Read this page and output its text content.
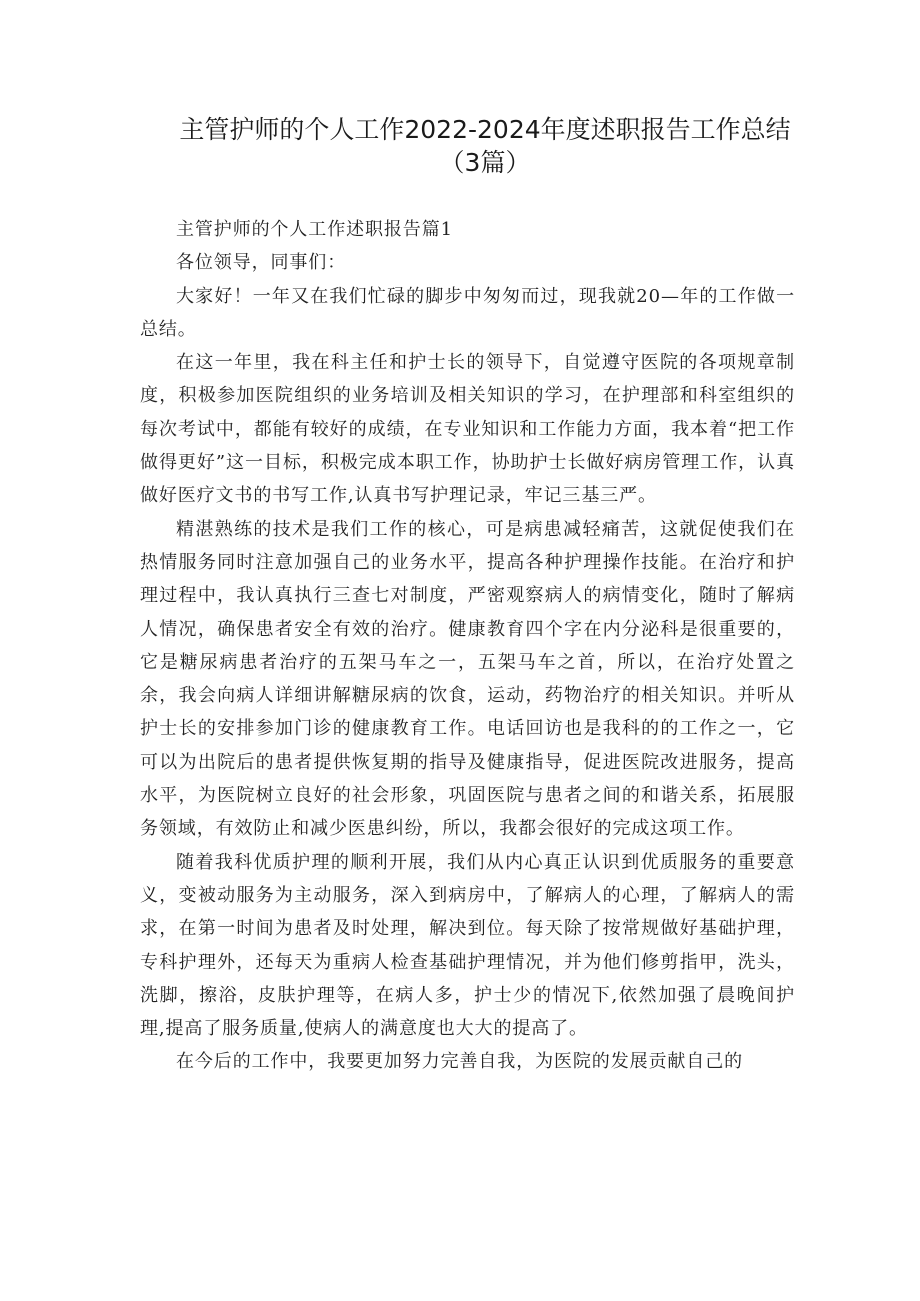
主管护师的个人工作2022-2024年度述职报告工作总结
（3篇）

主管护师的个人工作述职报告篇1

各位领导，同事们：

大家好！一年又在我们忙碌的脚步中匆匆而过，现我就20—年的工作做一总结。

在这一年里，我在科主任和护士长的领导下，自觉遵守医院的各项规章制度，积极参加医院组织的业务培训及相关知识的学习，在护理部和科室组织的每次考试中，都能有较好的成绩，在专业知识和工作能力方面，我本着“把工作做得更好”这一目标，积极完成本职工作，协助护士长做好病房管理工作，认真做好医疗文书的书写工作,认真书写护理记录，牢记三基三严。

精湛熟练的技术是我们工作的核心，可是病患减轻痛苦，这就促使我们在热情服务同时注意加强自己的业务水平，提高各种护理操作技能。在治疗和护理过程中，我认真执行三查七对制度，严密观察病人的病情变化，随时了解病人情况，确保患者安全有效的治疗。健康教育四个字在内分泌科是很重要的，它是糖尿病患者治疗的五架马车之一，五架马车之首，所以，在治疗处置之余，我会向病人详细讲解糖尿病的饮食，运动，药物治疗的相关知识。并听从护士长的安排参加门诊的健康教育工作。电话回访也是我科的的工作之一，它可以为出院后的患者提供恢复期的指导及健康指导，促进医院改进服务，提高水平，为医院树立良好的社会形象，巩固医院与患者之间的和谐关系，拓展服务领域，有效防止和减少医患纠纷，所以，我都会很好的完成这项工作。

随着我科优质护理的顺利开展，我们从内心真正认识到优质服务的重要意义，变被动服务为主动服务，深入到病房中，了解病人的心理，了解病人的需求，在第一时间为患者及时处理，解决到位。每天除了按常规做好基础护理，专科护理外，还每天为重病人检查基础护理情况，并为他们修剪指甲，洗头，洗脚，擦浴，皮肤护理等，在病人多，护士少的情况下,依然加强了晨晚间护理,提高了服务质量,使病人的满意度也大大的提高了。

在今后的工作中，我要更加努力完善自我，为医院的发展贡献自己的
